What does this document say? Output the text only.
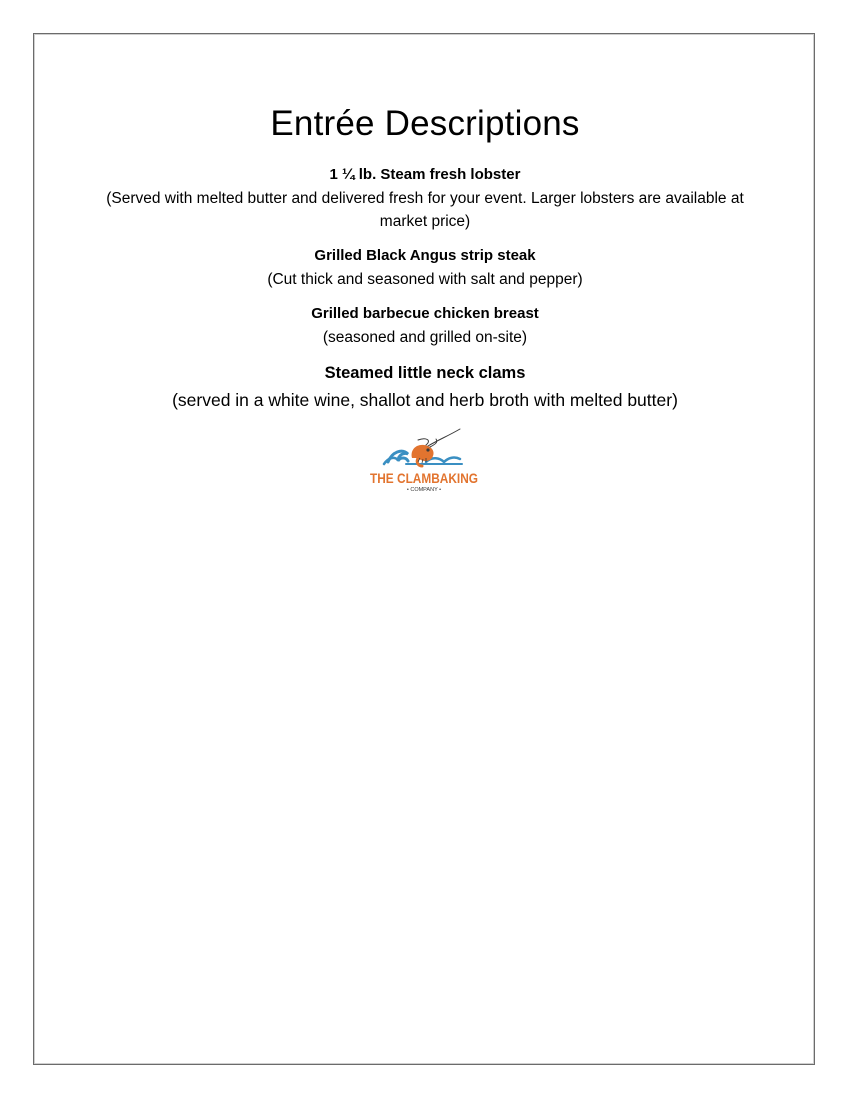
Entrée Descriptions
1 ¼ lb. Steam fresh lobster
(Served with melted butter and delivered fresh for your event. Larger lobsters are available at market price)
Grilled Black Angus strip steak
(Cut thick and seasoned with salt and pepper)
Grilled barbecue chicken breast
(seasoned and grilled on-site)
Steamed little neck clams
(served in a white wine, shallot and herb broth with melted butter)
THE CLAMBAKING
• COMPANY •
